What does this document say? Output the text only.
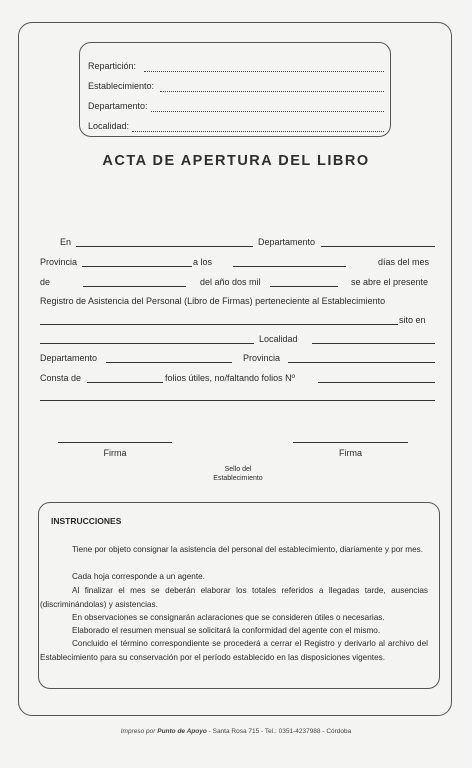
Repartición:
Establecimiento:
Departamento:
Localidad:
ACTA DE APERTURA DEL LIBRO
En	Departamento
Provincia	a los	días del mes
de	del año dos mil	se abre el presente
Registro de Asistencia del Personal (Libro de Firmas) perteneciente al Establecimiento
sito en
Localidad
Departamento	Provincia
Consta de	folios útiles, no/faltando folios Nº
Firma	Firma
Sello del
Establecimiento
INSTRUCCIONES
Tiene por objeto consignar la asistencia del personal del establecimiento, diariamente y por mes.
Cada hoja corresponde a un agente.
Al finalizar el mes se deberán elaborar los totales referidos a llegadas tarde, ausencias (discriminándolas) y asistencias.
En observaciones se consignarán aclaraciones que se consideren útiles o necesarias.
Elaborado el resumen mensual se solicitará la conformidad del agente con el mismo.
Concluido el término correspondiente se procederá a cerrar el Registro y derivarlo al archivo del Establecimiento para su conservación por el período establecido en las disposiciones vigentes.
Impreso por Punto de Apoyo - Santa Rosa 715 - Tel.: 0351-4237988 - Córdoba
